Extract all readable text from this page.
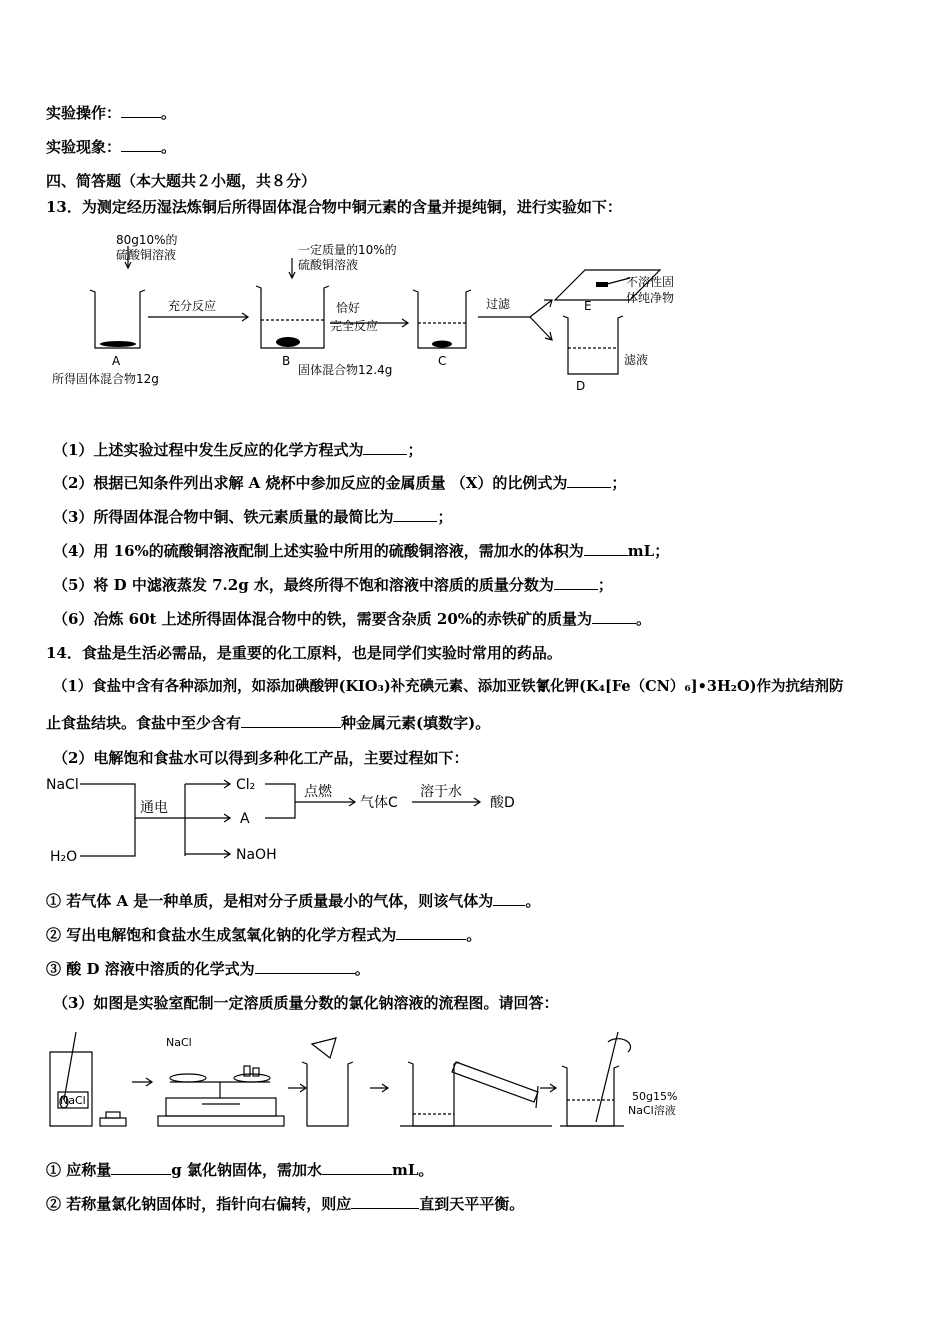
实验操作：	。
实验现象：	。
四、简答题（本大题共２小题，共８分）
13．为测定经历湿法炼铜后所得固体混合物中铜元素的含量并提纯铜，进行实验如下：
80g10%的
硫酸铜溶液	一定质量的10%的
硫酸铜溶液
充分反应	恰好
完全反应
过滤
不溶性固
体纯净物
滤液
A	B	C
D
E
所得固体混合物12g
固体混合物12.4g
（1）上述实验过程中发生反应的化学方程式为	；
（2）根据已知条件列出求解 A 烧杯中参加反应的金属质量 （X）的比例式为	；
（3）所得固体混合物中铜、铁元素质量的最简比为	；
（4）用 16%的硫酸铜溶液配制上述实验中所用的硫酸铜溶液，需加水的体积为	mL；
（5）将 D 中滤液蒸发 7.2g 水，最终所得不饱和溶液中溶质的质量分数为	；
（6）冶炼 60t 上述所得固体混合物中的铁，需要含杂质 20%的赤铁矿的质量为	。
14．食盐是生活必需品，是重要的化工原料，也是同学们实验时常用的药品。
（1）食盐中含有各种添加剂，如添加碘酸钾(KIO₃)补充碘元素、添加亚铁氰化钾(K₄[Fe（CN）₆]•3H₂O)作为抗结剂防
止食盐结块。食盐中至少含有	种金属元素(填数字)。
（2）电解饱和食盐水可以得到多种化工产品，主要过程如下：
NaCl
H₂O
通电
Cl₂
A
NaOH
点燃
气体C
溶于水
酸D
① 若气体 A 是一种单质，是相对分子质量最小的气体，则该气体为 。
② 写出电解饱和食盐水生成氢氧化钠的化学方程式为	。
③ 酸 D 溶液中溶质的化学式为	。
（3）如图是实验室配制一定溶质质量分数的氯化钠溶液的流程图。请回答：
NaCl
NaCl
50g15%
NaCl溶液
① 应称量	g 氯化钠固体，需加水	mL。
② 若称量氯化钠固体时，指针向右偏转，则应	直到天平平衡。
